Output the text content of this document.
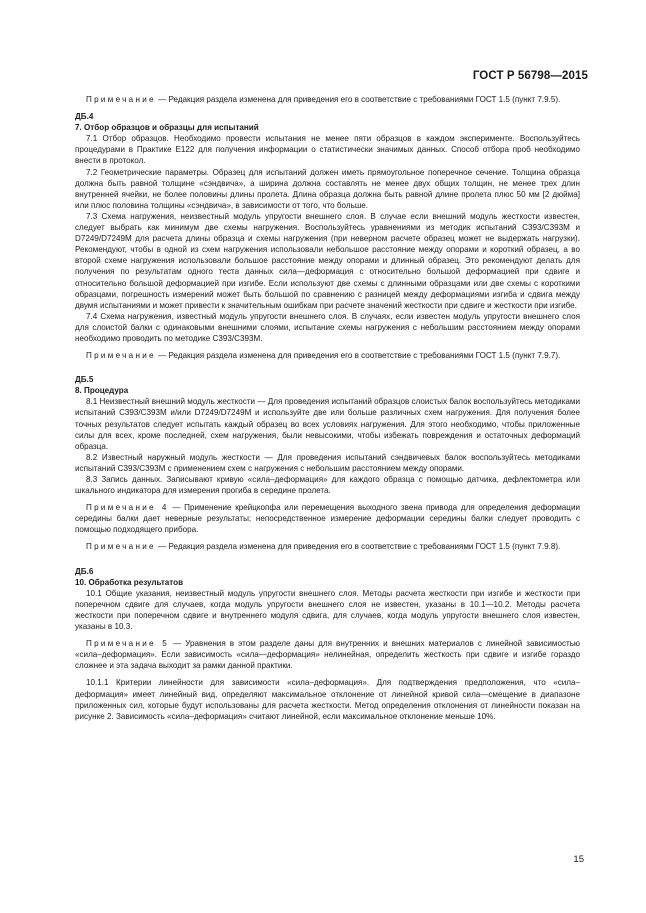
ГОСТ Р 56798—2015

Примечание — Редакция раздела изменена для приведения его в соответствие с требованиями ГОСТ 1.5 (пункт 7.9.5).

ДБ.4

7. Отбор образцов и образцы для испытаний

7.1 Отбор образцов. Необходимо провести испытания не менее пяти образцов в каждом эксперименте. Воспользуйтесь процедурами в Практике E122 для получения информации о статистически значимых данных. Способ отбора проб необходимо внести в протокол.

7.2 Геометрические параметры. Образец для испытаний должен иметь прямоугольное поперечное сечение. Толщина образца должна быть равной толщине «сэндвича», а ширина должна составлять не менее двух общих толщин, не менее трех длин внутренней ячейки, не более половины длины пролета. Длина образца должна быть равной длине пролета плюс 50 мм [2 дюйма] или плюс половина толщины «сэндвича», в зависимости от того, что больше.

7.3 Схема нагружения, неизвестный модуль упругости внешнего слоя. В случае если внешний модуль жесткости известен, следует выбрать как минимум две схемы нагружения. Воспользуйтесь уравнениями из методик испытаний C393/C393M и D7249/D7249M для расчета длины образца и схемы нагружения (при неверном расчете образец может не выдержать нагрузки). Рекомендуют, чтобы в одной из схем нагружения использовали небольшое расстояние между опорами и короткий образец, а во второй схеме нагружения использовали большое расстояние между опорами и длинный образец. Это рекомендуют делать для получения по результатам одного теста данных сила—деформация с относительно большой деформацией при сдвиге и относительно большой деформацией при изгибе. Если используют две схемы с длинными образцами или две схемы с короткими образцами, погрешность измерений может быть большой по сравнению с разницей между деформациями изгиба и сдвига между двумя испытаниями и может привести к значительным ошибкам при расчете значений жесткости при сдвиге и жесткости при изгибе.

7.4 Схема нагружения, известный модуль упругости внешнего слоя. В случаях, если известен модуль упругости внешнего слоя для слоистой балки с одинаковыми внешними слоями, испытание схемы нагружения с небольшим расстоянием между опорами необходимо проводить по методике C393/C393M.

Примечание — Редакция раздела изменена для приведения его в соответствие с требованиями ГОСТ 1.5 (пункт 7.9.7).

ДБ.5

8. Процедура

8.1 Неизвестный внешний модуль жесткости — Для проведения испытаний образцов слоистых балок воспользуйтесь методиками испытаний C393/C393M и/или D7249/D7249M и используйте две или больше различных схем нагружения. Для получения более точных результатов следует испытать каждый образец во всех условиях нагружения. Для этого необходимо, чтобы приложенные силы для всех, кроме последней, схем нагружения, были невысокими, чтобы избежать повреждения и остаточных деформаций образца.

8.2 Известный наружный модуль жесткости — Для проведения испытаний сэндвичевых балок воспользуйтесь методиками испытаний C393/C393M с применением схем с нагружения с небольшим расстоянием между опорами.

8.3 Запись данных. Записывают кривую «сила–деформация» для каждого образца с помощью датчика, дефлектометра или шкального индикатора для измерения прогиба в середине пролета.

Примечание 4 — Применение крейцкопфа или перемещения выходного звена привода для определения деформации середины балки дает неверные результаты; непосредственное измерение деформации середины балки следует проводить с помощью подходящего прибора.

Примечание — Редакция раздела изменена для приведения его в соответствие с требованиями ГОСТ 1.5 (пункт 7.9.8).

ДБ.6

10. Обработка результатов

10.1 Общие указания, неизвестный модуль упругости внешнего слоя. Методы расчета жесткости при изгибе и жесткости при поперечном сдвиге для случаев, когда модуль упругости внешнего слоя не известен, указаны в 10.1—10.2. Методы расчета жесткости при поперечном сдвиге и внутреннего модуля сдвига, для случаев, когда модуль упругости внешнего слоя известен, указаны в 10.3.

Примечание 5 — Уравнения в этом разделе даны для внутренних и внешних материалов с линейной зависимостью «сила–деформация». Если зависимость «сила—деформация» нелинейная, определить жесткость при сдвиге и изгибе гораздо сложнее и эта задача выходит за рамки данной практики.

10.1.1 Критерии линейности для зависимости «сила–деформация». Для подтверждения предположения, что «сила–деформация» имеет линейный вид, определяют максимальное отклонение от линейной кривой сила—смещение в диапазоне приложенных сил, которые будут использованы для расчета жесткости. Метод определения отклонения от линейности показан на рисунке 2. Зависимость «сила–деформация» считают линейной, если максимальное отклонение меньше 10%.

15
